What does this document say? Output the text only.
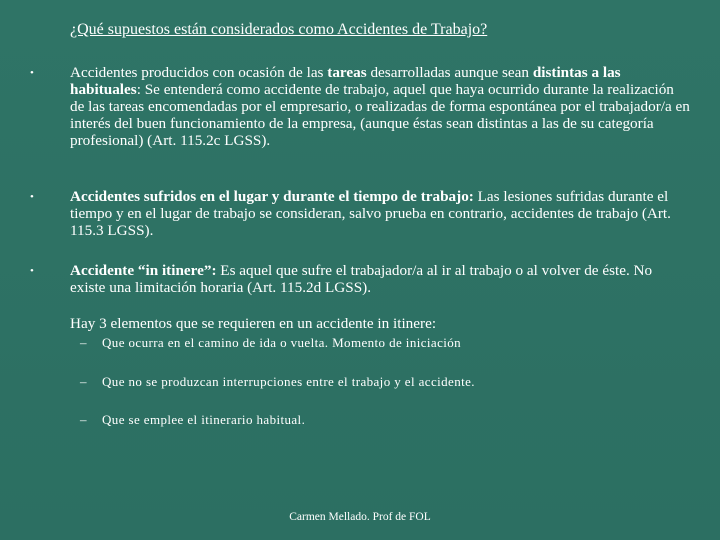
¿Qué supuestos están considerados como Accidentes de Trabajo?
•	Accidentes producidos con ocasión de las tareas desarrolladas aunque sean distintas a las habituales: Se entenderá como accidente de trabajo, aquel que haya ocurrido durante la realización de las tareas encomendadas por el empresario, o realizadas de forma espontánea por el trabajador/a en interés del buen funcionamiento de la empresa, (aunque éstas sean distintas a las de su categoría profesional) (Art. 115.2c LGSS).
•	Accidentes sufridos en el lugar y durante el tiempo de trabajo: Las lesiones sufridas durante el tiempo y en el lugar de trabajo se consideran, salvo prueba en contrario, accidentes de trabajo (Art. 115.3 LGSS).
•	Accidente “in itinere”: Es aquel que sufre el trabajador/a al ir al trabajo o al volver de éste. No existe una limitación horaria (Art. 115.2d LGSS).
Hay 3 elementos que se requieren en un accidente in itinere:
–	Que ocurra en el camino de ida o vuelta. Momento de iniciación
–	Que no se produzcan interrupciones entre el trabajo y el accidente.
–	Que se emplee el itinerario habitual.
Carmen Mellado. Prof de FOL
